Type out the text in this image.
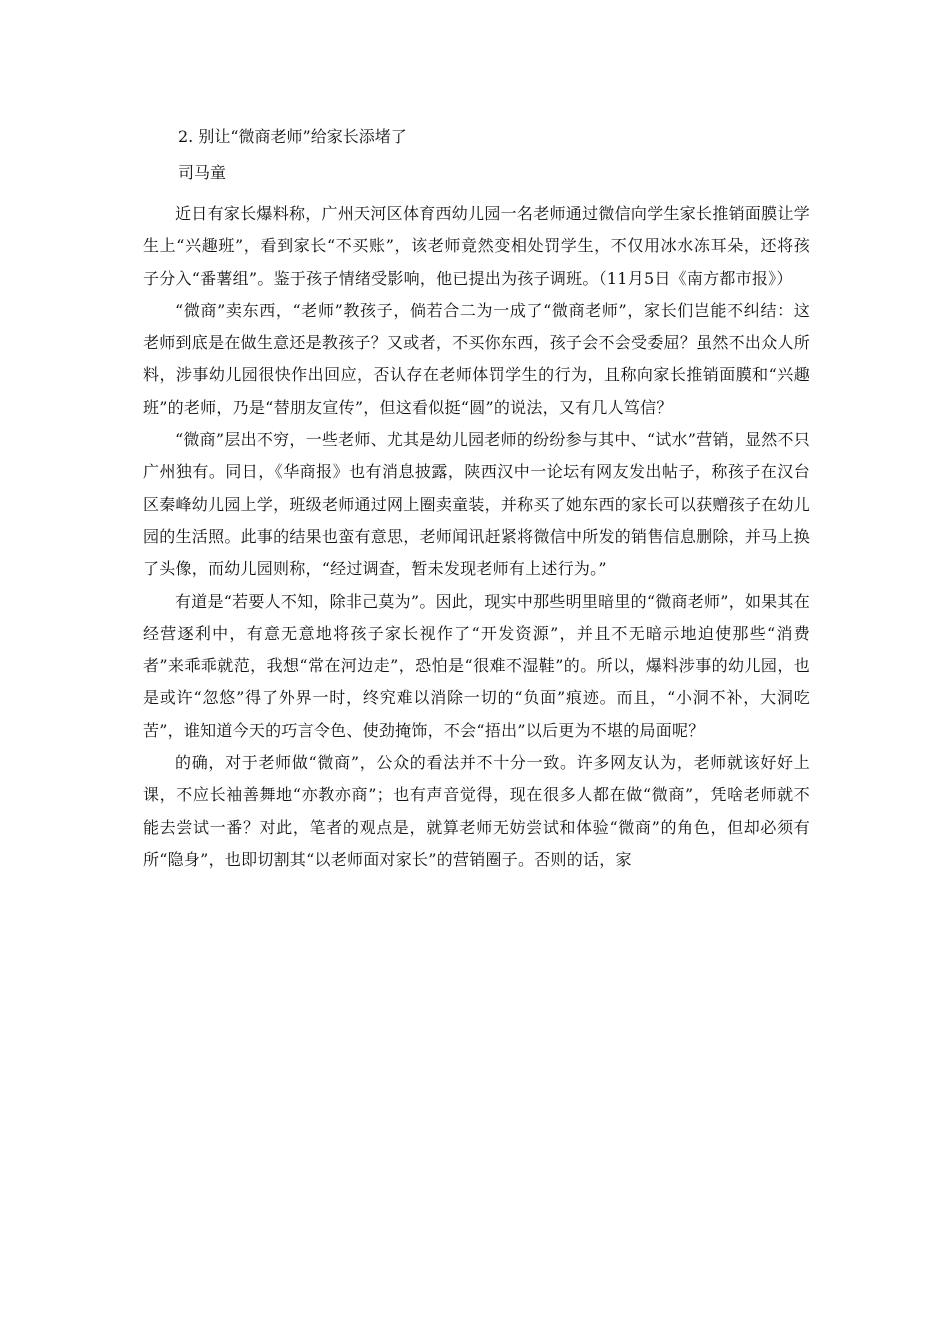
2. 别让“微商老师”给家长添堵了

司马童

近日有家长爆料称，广州天河区体育西幼儿园一名老师通过微信向学生家长推销面膜让学生上“兴趣班”，看到家长“不买账”，该老师竟然变相处罚学生，不仅用冰水冻耳朵，还将孩子分入“番薯组”。鉴于孩子情绪受影响，他已提出为孩子调班。（11月5日《南方都市报》）

“微商”卖东西，“老师”教孩子，倘若合二为一成了“微商老师”，家长们岂能不纠结：这老师到底是在做生意还是教孩子？又或者，不买你东西，孩子会不会受委屈？虽然不出众人所料，涉事幼儿园很快作出回应，否认存在老师体罚学生的行为，且称向家长推销面膜和“兴趣班”的老师，乃是“替朋友宣传”，但这看似挺“圆”的说法，又有几人笃信？

“微商”层出不穷，一些老师、尤其是幼儿园老师的纷纷参与其中、“试水”营销，显然不只广州独有。同日，《华商报》也有消息披露，陕西汉中一论坛有网友发出帖子，称孩子在汉台区秦峰幼儿园上学，班级老师通过网上圈卖童装，并称买了她东西的家长可以获赠孩子在幼儿园的生活照。此事的结果也蛮有意思，老师闻讯赶紧将微信中所发的销售信息删除，并马上换了头像，而幼儿园则称，“经过调查，暂未发现老师有上述行为。”

有道是“若要人不知，除非己莫为”。因此，现实中那些明里暗里的“微商老师”，如果其在经营逐利中，有意无意地将孩子家长视作了“开发资源”，并且不无暗示地迫使那些“消费者”来乖乖就范，我想“常在河边走”，恐怕是“很难不湿鞋”的。所以，爆料涉事的幼儿园，也是或许“忽悠”得了外界一时，终究难以消除一切的“负面”痕迹。而且，“小洞不补，大洞吃苦”，谁知道今天的巧言令色、使劲掩饰，不会“捂出”以后更为不堪的局面呢？

的确，对于老师做“微商”，公众的看法并不十分一致。许多网友认为，老师就该好好上课，不应长袖善舞地“亦教亦商”；也有声音觉得，现在很多人都在做“微商”，凭啥老师就不能去尝试一番？对此，笔者的观点是，就算老师无妨尝试和体验“微商”的角色，但却必须有所“隐身”，也即切割其“以老师面对家长”的营销圈子。否则的话，家
